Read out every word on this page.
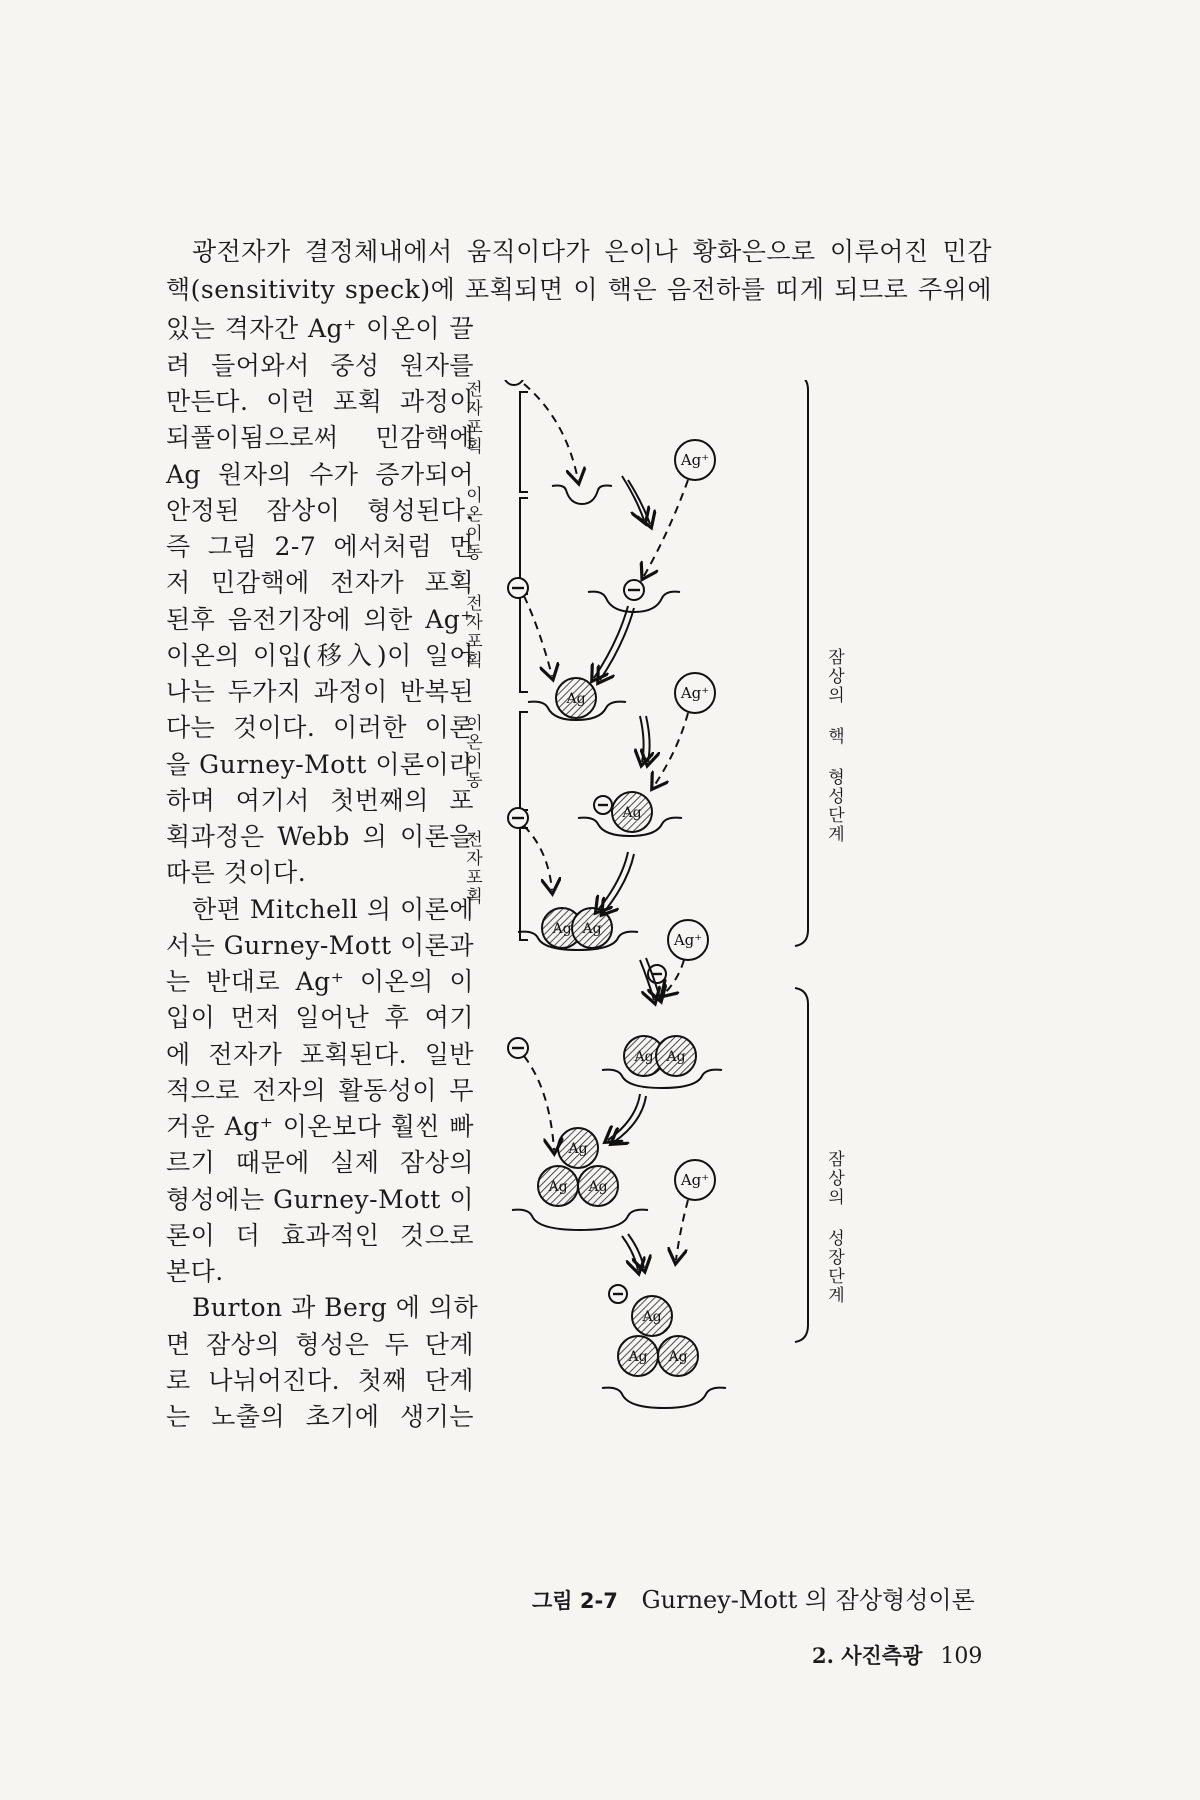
광전자가 결정체내에서 움직이다가 은이나 황화은으로 이루어진 민감
핵(sensitivity speck)에 포획되면 이 핵은 음전하를 띠게 되므로 주위에
있는 격자간 Ag⁺ 이온이 끌
려 들어와서 중성 원자를
만든다. 이런 포획 과정이
되풀이됨으로써 민감핵에
Ag 원자의 수가 증가되어
안정된 잠상이 형성된다.
즉 그림 2-7 에서처럼 먼
저 민감핵에 전자가 포획
된후 음전기장에 의한 Ag⁺
이온의 이입(移入)이 일어
나는 두가지 과정이 반복된
다는 것이다. 이러한 이론
을 Gurney-Mott 이론이라
하며 여기서 첫번째의 포
획과정은 Webb 의 이론을
따른 것이다.
한편 Mitchell 의 이론에
서는 Gurney-Mott 이론과
는 반대로 Ag⁺ 이온의 이
입이 먼저 일어난 후 여기
에 전자가 포획된다. 일반
적으로 전자의 활동성이 무
거운 Ag⁺ 이온보다 훨씬 빠
르기 때문에 실제 잠상의
형성에는 Gurney-Mott 이
론이 더 효과적인 것으로
본다.
Burton 과 Berg 에 의하
면 잠상의 형성은 두 단계
로 나뉘어진다. 첫째 단계
는 노출의 초기에 생기는
Ag⁺
Ag⁺
Ag⁺
Ag⁺
Ag
Ag
Ag Ag
Ag Ag
Ag
Ag Ag
Ag
Ag Ag
전자포획
이온이동
전자포획
이온이동
전자포획
잠상의 핵 형성단계
잠상의 성장단계
그림 2-7 Gurney-Mott 의 잠상형성이론
2. 사진측광 109
